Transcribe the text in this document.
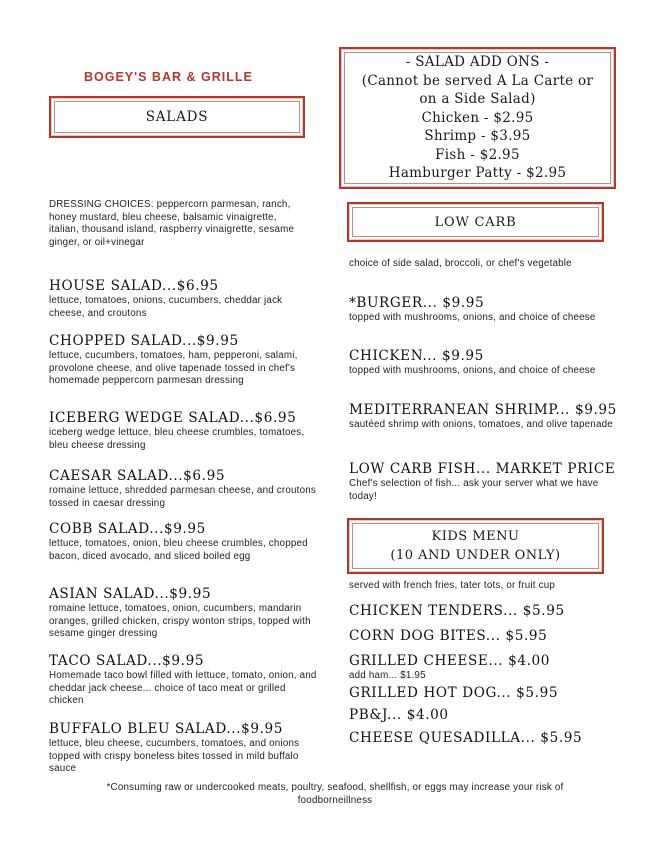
BOGEY'S BAR & GRILLE
SALADS
- SALAD ADD ONS -
(Cannot be served A La Carte or
on a Side Salad)
Chicken - $2.95
Shrimp - $3.95
Fish - $2.95
Hamburger Patty - $2.95
DRESSING CHOICES: peppercorn parmesan, ranch, honey mustard, bleu cheese, balsamic vinaigrette, italian, thousand island, raspberry vinaigrette, sesame ginger, or oil+vinegar
HOUSE SALAD...$6.95
lettuce, tomatoes, onions, cucumbers, cheddar jack cheese, and croutons
CHOPPED SALAD...$9.95
lettuce, cucumbers, tomatoes, ham, pepperoni, salami, provolone cheese, and olive tapenade tossed in chef's homemade peppercorn parmesan dressing
ICEBERG WEDGE SALAD...$6.95
iceberg wedge lettuce, bleu cheese crumbles, tomatoes, bleu cheese dressing
CAESAR SALAD...$6.95
romaine lettuce, shredded parmesan cheese, and croutons tossed in caesar dressing
COBB SALAD...$9.95
lettuce, tomatoes, onion, bleu cheese crumbles, chopped bacon, diced avocado, and sliced boiled egg
ASIAN SALAD...$9.95
romaine lettuce, tomatoes, onion, cucumbers, mandarin oranges, grilled chicken, crispy wonton strips, topped with sesame ginger dressing
TACO SALAD...$9.95
Homemade taco bowl filled with lettuce, tomato, onion, and cheddar jack cheese... choice of taco meat or grilled chicken
BUFFALO BLEU SALAD...$9.95
lettuce, bleu cheese, cucumbers, tomatoes, and onions topped with crispy boneless bites tossed in mild buffalo sauce
LOW CARB
choice of side salad, broccoli, or chef's vegetable
*BURGER... $9.95
topped with mushrooms, onions, and choice of cheese
CHICKEN... $9.95
topped with mushrooms, onions, and choice of cheese
MEDITERRANEAN SHRIMP... $9.95
sautéed shrimp with onions, tomatoes, and olive tapenade
LOW CARB FISH... MARKET PRICE
Chef's selection of fish... ask your server what we have today!
KIDS MENU
(10 AND UNDER ONLY)
served with french fries, tater tots, or fruit cup
CHICKEN TENDERS... $5.95
CORN DOG BITES... $5.95
GRILLED CHEESE... $4.00
add ham... $1.95
GRILLED HOT DOG... $5.95
PB&J... $4.00
CHEESE QUESADILLA... $5.95
*Consuming raw or undercooked meats, poultry, seafood, shellfish, or eggs may increase your risk of foodborneillness
